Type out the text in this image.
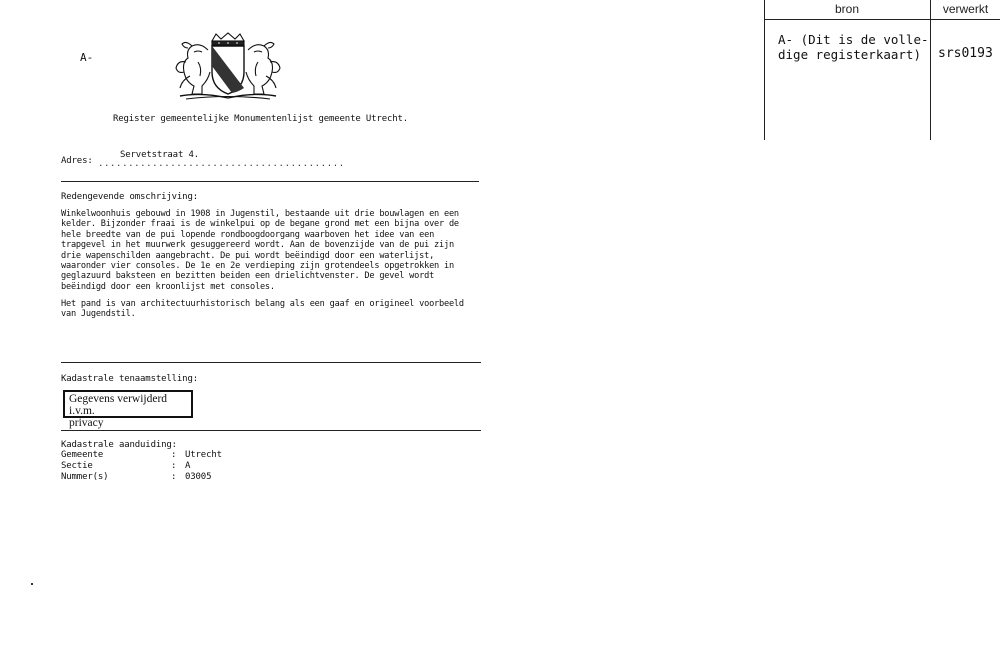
bron	verwerkt
A- (Dit is de volle-
dige registerkaart)	srs0193
A-
Register gemeentelijke Monumentenlijst gemeente Utrecht.
Adres: .........................................
Servetstraat 4.
Redengevende omschrijving:
Winkelwoonhuis gebouwd in 1908 in Jugenstil, bestaande uit drie bouwlagen en een
kelder. Bijzonder fraai is de winkelpui op de begane grond met een bijna over de
hele breedte van de pui lopende rondboogdoorgang waarboven het idee van een
trapgevel in het muurwerk gesuggereerd wordt. Aan de bovenzijde van de pui zijn
drie wapenschilden aangebracht. De pui wordt beëindigd door een waterlijst,
waaronder vier consoles. De 1e en 2e verdieping zijn grotendeels opgetrokken in
geglazuurd baksteen en bezitten beiden een drielichtvenster. De gevel wordt
beëindigd door een kroonlijst met consoles.
Het pand is van architectuurhistorisch belang als een gaaf en origineel voorbeeld
van Jugendstil.
Kadastrale tenaamstelling:
Gegevens verwijderd i.v.m.
privacy
Kadastrale aanduiding:
Gemeente	: Utrecht
Sectie	: A
Nummer(s)	: 03005
